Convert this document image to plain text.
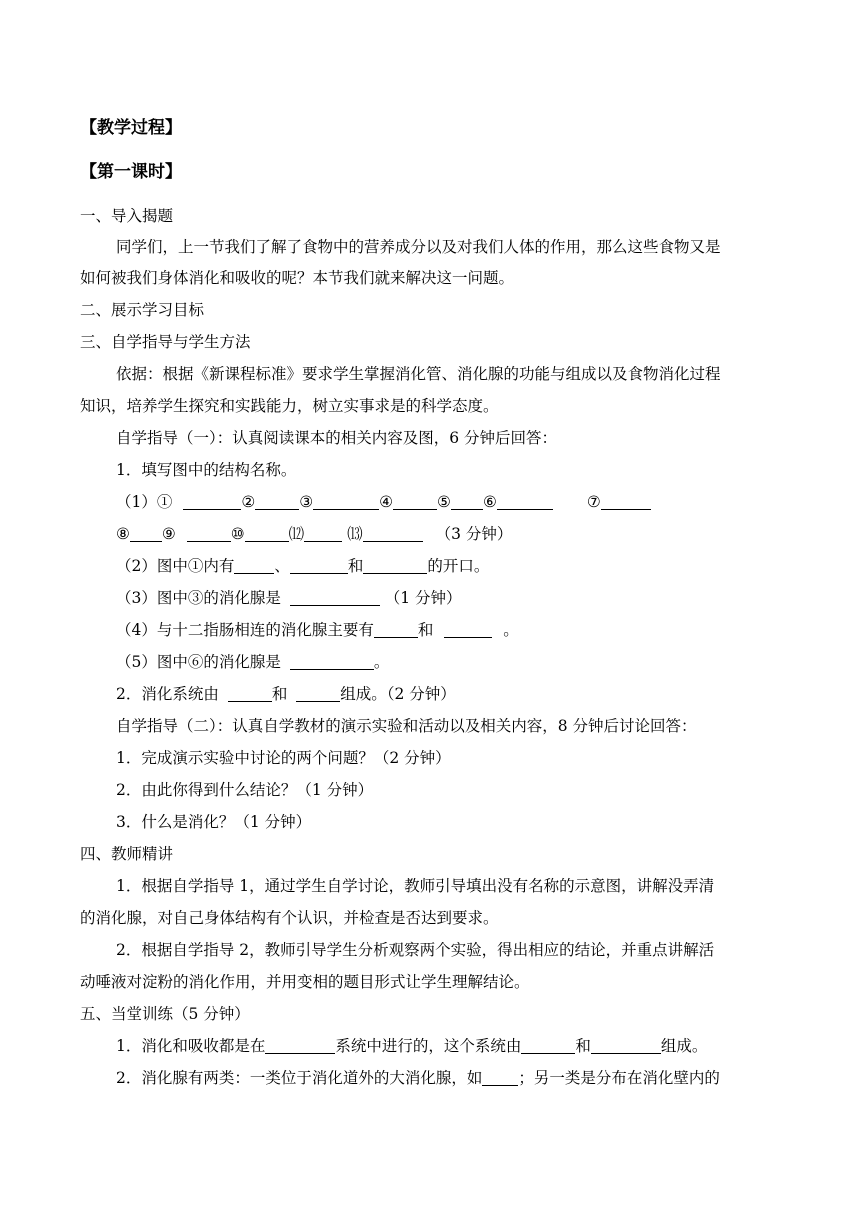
【教学过程】
【第一课时】
一、导入揭题
同学们，上一节我们了解了食物中的营养成分以及对我们人体的作用，那么这些食物又是
如何被我们身体消化和吸收的呢？本节我们就来解决这一问题。
二、展示学习目标
三、自学指导与学生方法
依据：根据《新课程标准》要求学生掌握消化管、消化腺的功能与组成以及食物消化过程
知识，培养学生探究和实践能力，树立实事求是的科学态度。
自学指导（一）：认真阅读课本的相关内容及图，6 分钟后回答：
1．填写图中的结构名称。
（1）①	②	③	④	⑤ ⑥	⑦
⑧ ⑨	⑩	⑿	⒀	（3 分钟）
（2）图中①内有	、	和	的开口。
（3）图中③的消化腺是	（1 分钟）
（4）与十二指肠相连的消化腺主要有	和	。
（5）图中⑥的消化腺是	。
2．消化系统由	和	组成。（2 分钟）
自学指导（二）：认真自学教材的演示实验和活动以及相关内容，8 分钟后讨论回答：
1．完成演示实验中讨论的两个问题？（2 分钟）
2．由此你得到什么结论？（1 分钟）
3．什么是消化？（1 分钟）
四、教师精讲
1．根据自学指导 1，通过学生自学讨论，教师引导填出没有名称的示意图，讲解没弄清
的消化腺，对自己身体结构有个认识，并检查是否达到要求。
2．根据自学指导 2，教师引导学生分析观察两个实验，得出相应的结论，并重点讲解活
动唾液对淀粉的消化作用，并用变相的题目形式让学生理解结论。
五、当堂训练（5 分钟）
1．消化和吸收都是在	系统中进行的，这个系统由	和	组成。
2．消化腺有两类：一类位于消化道外的大消化腺，如 ；另一类是分布在消化壁内的
